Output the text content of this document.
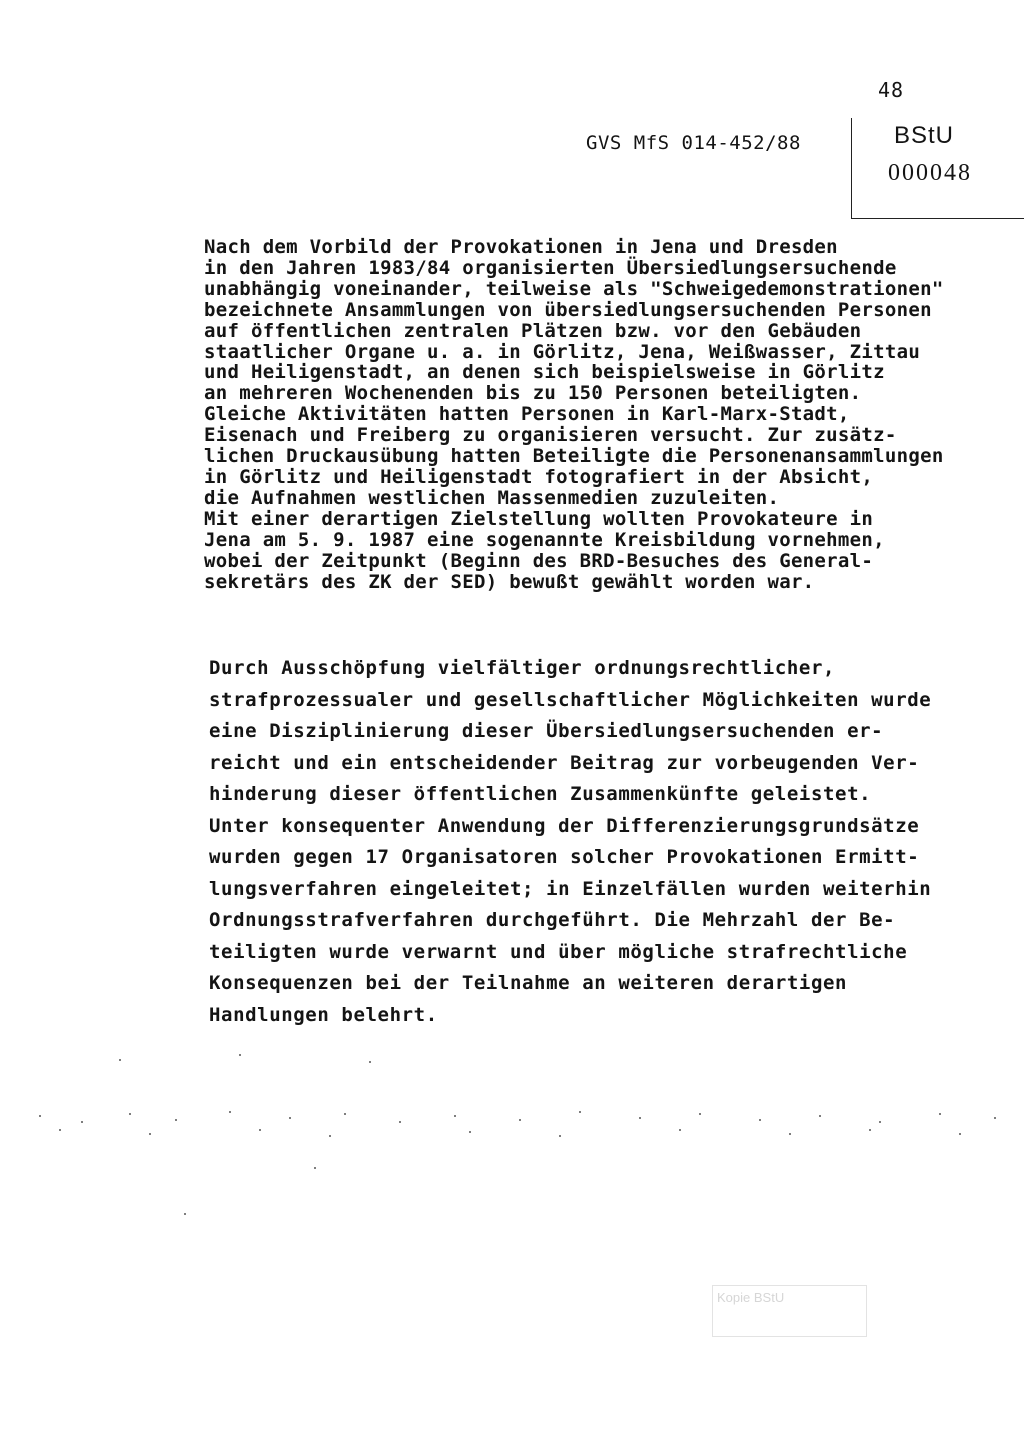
48
GVS MfS 014-452/88	BStU
000048
Nach dem Vorbild der Provokationen in Jena und Dresden
in den Jahren 1983/84 organisierten Übersiedlungsersuchende
unabhängig voneinander, teilweise als "Schweigedemonstrationen"
bezeichnete Ansammlungen von übersiedlungsersuchenden Personen
auf öffentlichen zentralen Plätzen bzw. vor den Gebäuden
staatlicher Organe u. a. in Görlitz, Jena, Weißwasser, Zittau
und Heiligenstadt, an denen sich beispielsweise in Görlitz
an mehreren Wochenenden bis zu 150 Personen beteiligten.
Gleiche Aktivitäten hatten Personen in Karl-Marx-Stadt,
Eisenach und Freiberg zu organisieren versucht. Zur zusätz-
lichen Druckausübung hatten Beteiligte die Personenansammlungen
in Görlitz und Heiligenstadt fotografiert in der Absicht,
die Aufnahmen westlichen Massenmedien zuzuleiten.
Mit einer derartigen Zielstellung wollten Provokateure in
Jena am 5. 9. 1987 eine sogenannte Kreisbildung vornehmen,
wobei der Zeitpunkt (Beginn des BRD-Besuches des General-
sekretärs des ZK der SED) bewußt gewählt worden war.
Durch Ausschöpfung vielfältiger ordnungsrechtlicher,
strafprozessualer und gesellschaftlicher Möglichkeiten wurde
eine Disziplinierung dieser Übersiedlungsersuchenden er-
reicht und ein entscheidender Beitrag zur vorbeugenden Ver-
hinderung dieser öffentlichen Zusammenkünfte geleistet.
Unter konsequenter Anwendung der Differenzierungsgrundsätze
wurden gegen 17 Organisatoren solcher Provokationen Ermitt-
lungsverfahren eingeleitet; in Einzelfällen wurden weiterhin
Ordnungsstrafverfahren durchgeführt. Die Mehrzahl der Be-
teiligten wurde verwarnt und über mögliche strafrechtliche
Konsequenzen bei der Teilnahme an weiteren derartigen
Handlungen belehrt.
Kopie BStU
